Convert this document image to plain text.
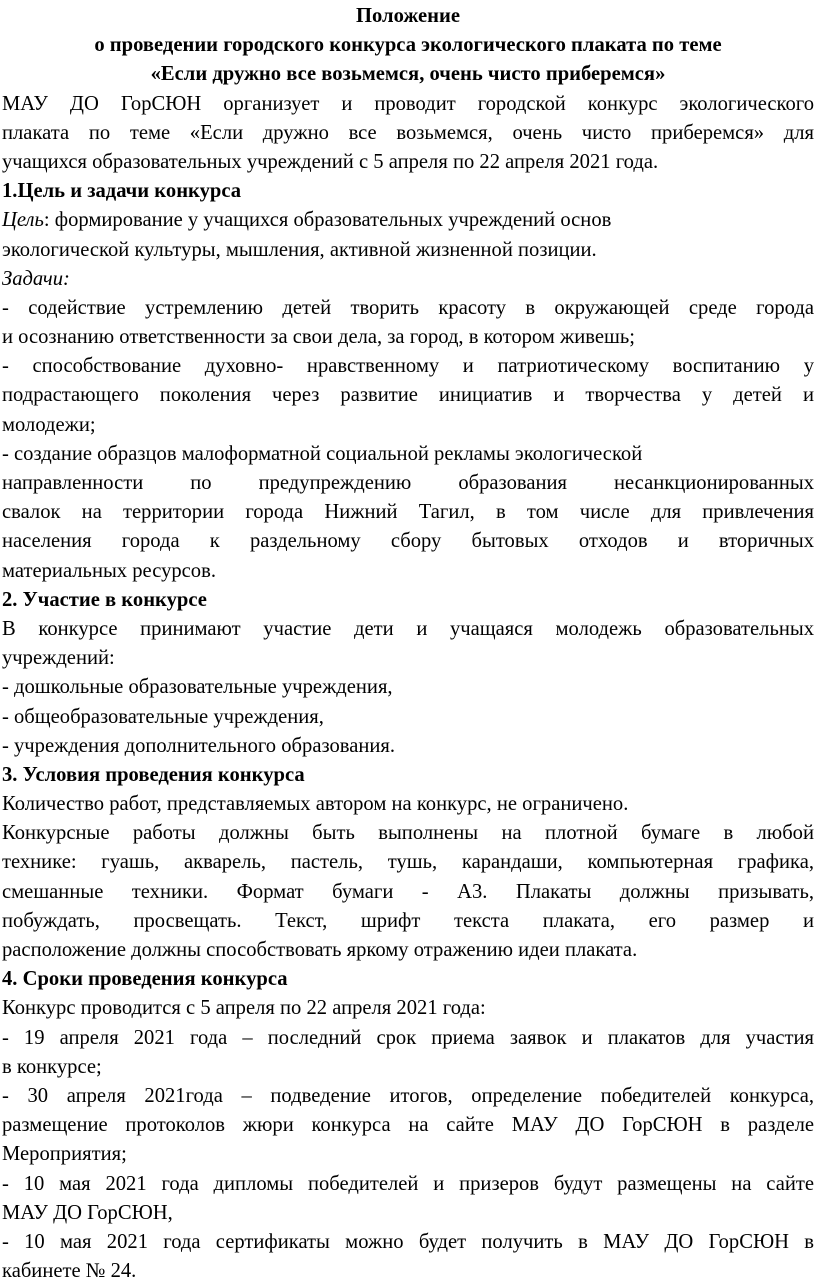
Положение
о проведении городского конкурса экологического плаката по теме
«Если дружно все возьмемся, очень чисто приберемся»
МАУ ДО ГорСЮН организует и проводит городской конкурс экологического
плаката по теме «Если дружно все возьмемся, очень чисто приберемся» для
учащихся образовательных учреждений с 5 апреля по 22 апреля 2021 года.
1.Цель и задачи конкурса
Цель: формирование у учащихся образовательных учреждений основ
экологической культуры, мышления, активной жизненной позиции.
Задачи:
- содействие устремлению детей творить красоту в окружающей среде города
и осознанию ответственности за свои дела, за город, в котором живешь;
- способствование духовно- нравственному и патриотическому воспитанию у
подрастающего поколения через развитие инициатив и творчества у детей и
молодежи;
- создание образцов малоформатной социальной рекламы экологической
направленности по предупреждению образования несанкционированных
свалок на территории города Нижний Тагил, в том числе для привлечения
населения города к раздельному сбору бытовых отходов и вторичных
материальных ресурсов.
2. Участие в конкурсе
В конкурсе принимают участие дети и учащаяся молодежь образовательных
учреждений:
- дошкольные образовательные учреждения,
- общеобразовательные учреждения,
- учреждения дополнительного образования.
3. Условия проведения конкурса
Количество работ, представляемых автором на конкурс, не ограничено.
Конкурсные работы должны быть выполнены на плотной бумаге в любой
технике: гуашь, акварель, пастель, тушь, карандаши, компьютерная графика,
смешанные техники. Формат бумаги - А3. Плакаты должны призывать,
побуждать, просвещать. Текст, шрифт текста плаката, его размер и
расположение должны способствовать яркому отражению идеи плаката.
4. Сроки проведения конкурса
Конкурс проводится с 5 апреля по 22 апреля 2021 года:
- 19 апреля 2021 года – последний срок приема заявок и плакатов для участия
в конкурсе;
- 30 апреля 2021года – подведение итогов, определение победителей конкурса,
размещение протоколов жюри конкурса на сайте МАУ ДО ГорСЮН в разделе
Мероприятия;
- 10 мая 2021 года дипломы победителей и призеров будут размещены на сайте
МАУ ДО ГорСЮН,
- 10 мая 2021 года сертификаты можно будет получить в МАУ ДО ГорСЮН в
кабинете № 24.
